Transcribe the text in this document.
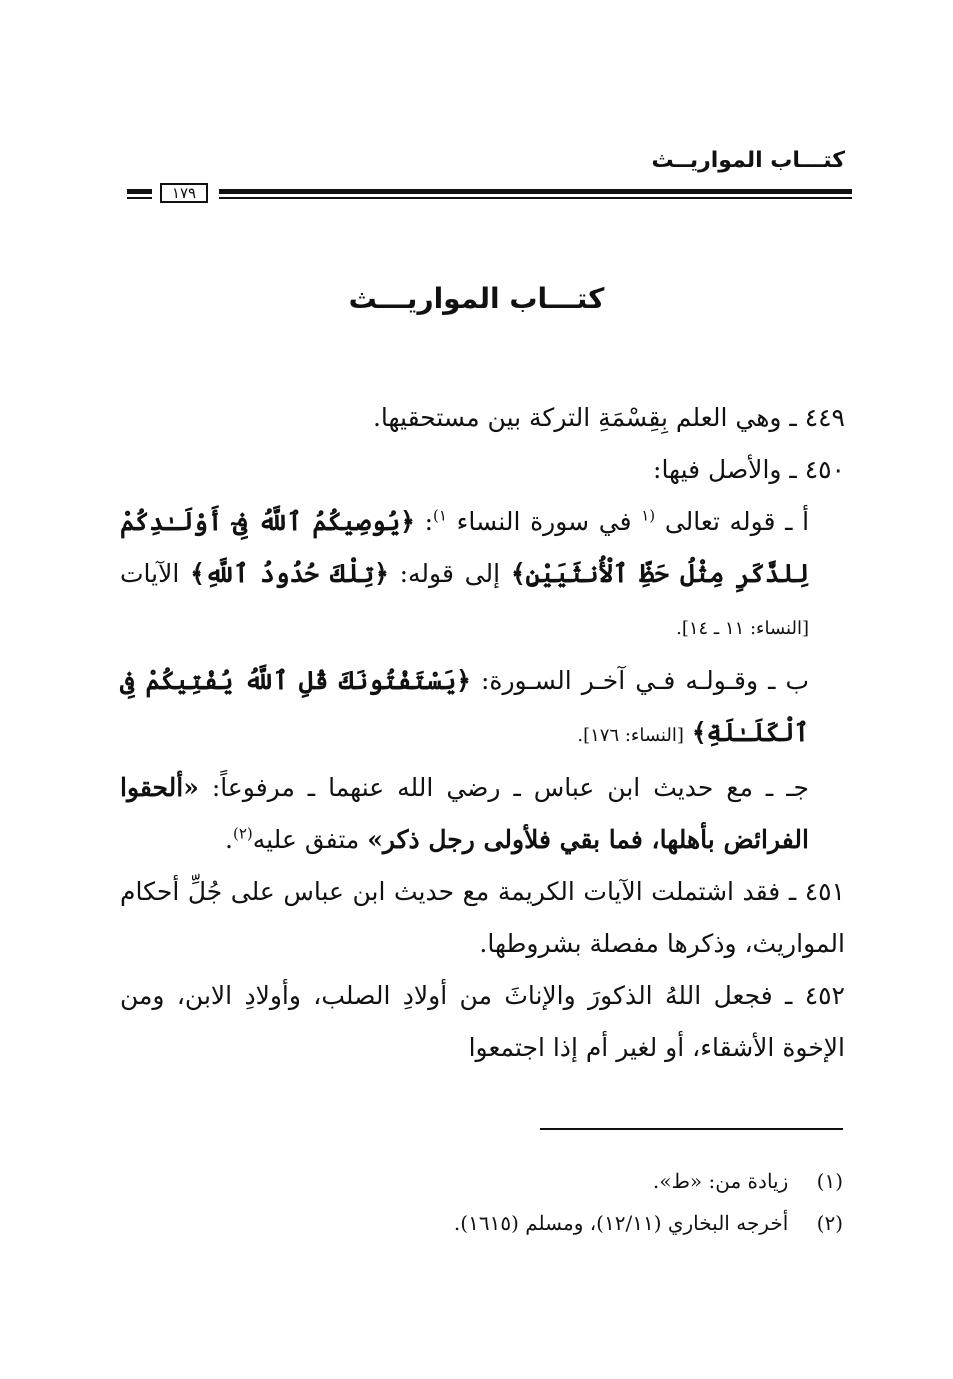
كتـــاب المواريــث
١٧٩
كتـــاب المواريـــث

٤٤٩ ـ وهي العلم بِقِسْمَةِ التركة بين مستحقيها.

٤٥٠ ـ والأصل فيها:

أ ـ قوله تعالى $^{(١}$ في سورة النساء $^{١)}$: ﴿يُوصِيكُمُ ٱللَّهُ فِىٓ أَوْلَـٰدِكُمْ لِلذَّكَرِ مِثْلُ حَظِّ ٱلْأُنثَيَيْنِ﴾ إلى قوله: ﴿تِلْكَ حُدُودُ ٱللَّهِ﴾ الآيات [النساء: ١١ ـ ١٤].

ب ـ وقـولـه فـي آخـر السـورة: ﴿يَسْتَفْتُونَكَ قُلِ ٱللَّهُ يُفْتِيكُمْ فِى ٱلْكَلَـٰلَةِ﴾ [النساء: ١٧٦].

جـ ـ مع حديث ابن عباس ـ رضي الله عنهما ـ مرفوعاً: «ألحقوا الفرائض بأهلها، فما بقي فلأولى رجل ذكر» متفق عليه$^{(٢)}$.

٤٥١ ـ فقد اشتملت الآيات الكريمة مع حديث ابن عباس على جُلِّ أحكام المواريث، وذكرها مفصلة بشروطها.

٤٥٢ ـ فجعل اللهُ الذكورَ والإناثَ من أولادِ الصلب، وأولادِ الابن، ومن الإخوة الأشقاء، أو لغير أم إذا اجتمعوا

(١) زيادة من: «ط».

(٢) أخرجه البخاري (١٢/١١)، ومسلم (١٦١٥).
